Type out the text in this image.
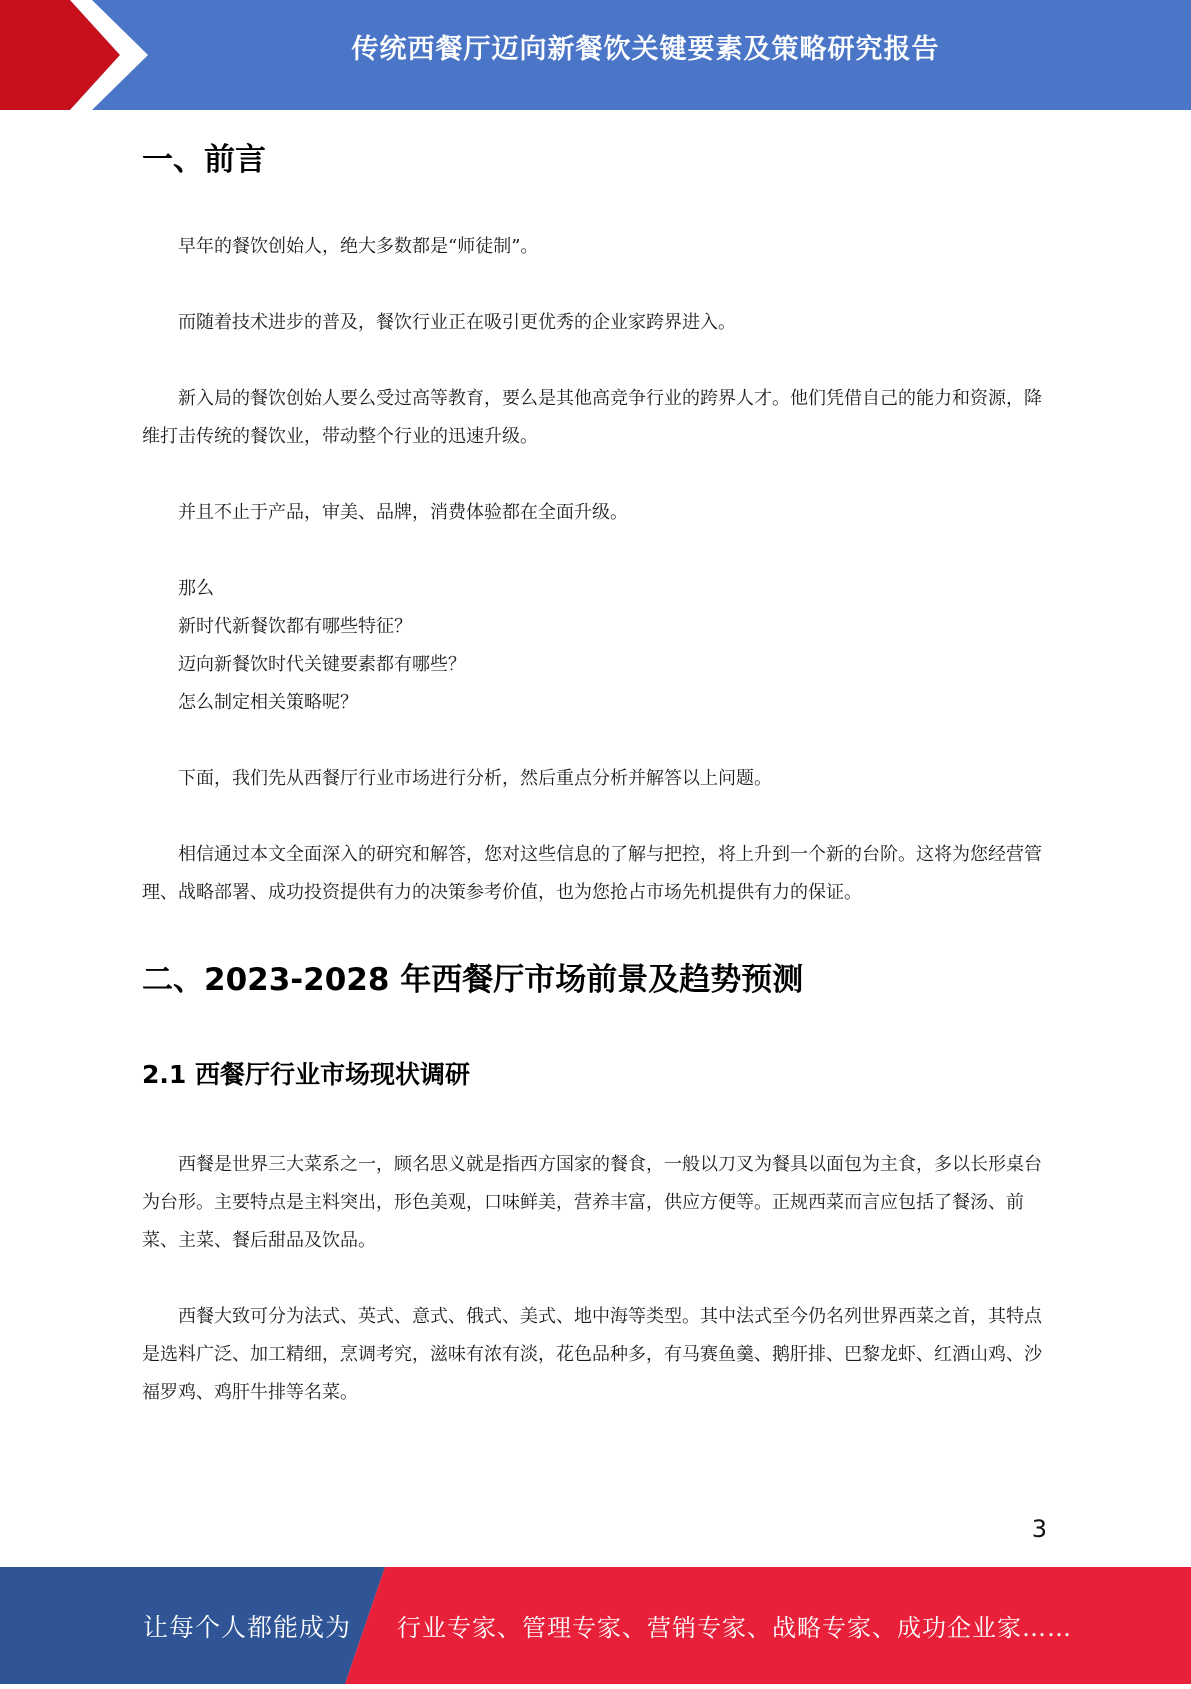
传统西餐厅迈向新餐饮关键要素及策略研究报告
一、前言

早年的餐饮创始人，绝大多数都是“师徒制”。

而随着技术进步的普及，餐饮行业正在吸引更优秀的企业家跨界进入。

新入局的餐饮创始人要么受过高等教育，要么是其他高竞争行业的跨界人才。他们凭借自己的能力和资源，降维打击传统的餐饮业，带动整个行业的迅速升级。

并且不止于产品，审美、品牌，消费体验都在全面升级。

那么

新时代新餐饮都有哪些特征？

迈向新餐饮时代关键要素都有哪些？

怎么制定相关策略呢？

下面，我们先从西餐厅行业市场进行分析，然后重点分析并解答以上问题。

相信通过本文全面深入的研究和解答，您对这些信息的了解与把控，将上升到一个新的台阶。这将为您经营管理、战略部署、成功投资提供有力的决策参考价值，也为您抢占市场先机提供有力的保证。

二、2023-2028 年西餐厅市场前景及趋势预测
2.1 西餐厅行业市场现状调研

西餐是世界三大菜系之一，顾名思义就是指西方国家的餐食，一般以刀叉为餐具以面包为主食，多以长形桌台为台形。主要特点是主料突出，形色美观，口味鲜美，营养丰富，供应方便等。正规西菜而言应包括了餐汤、前菜、主菜、餐后甜品及饮品。

西餐大致可分为法式、英式、意式、俄式、美式、地中海等类型。其中法式至今仍名列世界西菜之首，其特点是选料广泛、加工精细，烹调考究，滋味有浓有淡，花色品种多，有马赛鱼羹、鹅肝排、巴黎龙虾、红酒山鸡、沙福罗鸡、鸡肝牛排等名菜。

3
让每个人都能成为 行业专家、管理专家、营销专家、战略专家、成功企业家……
